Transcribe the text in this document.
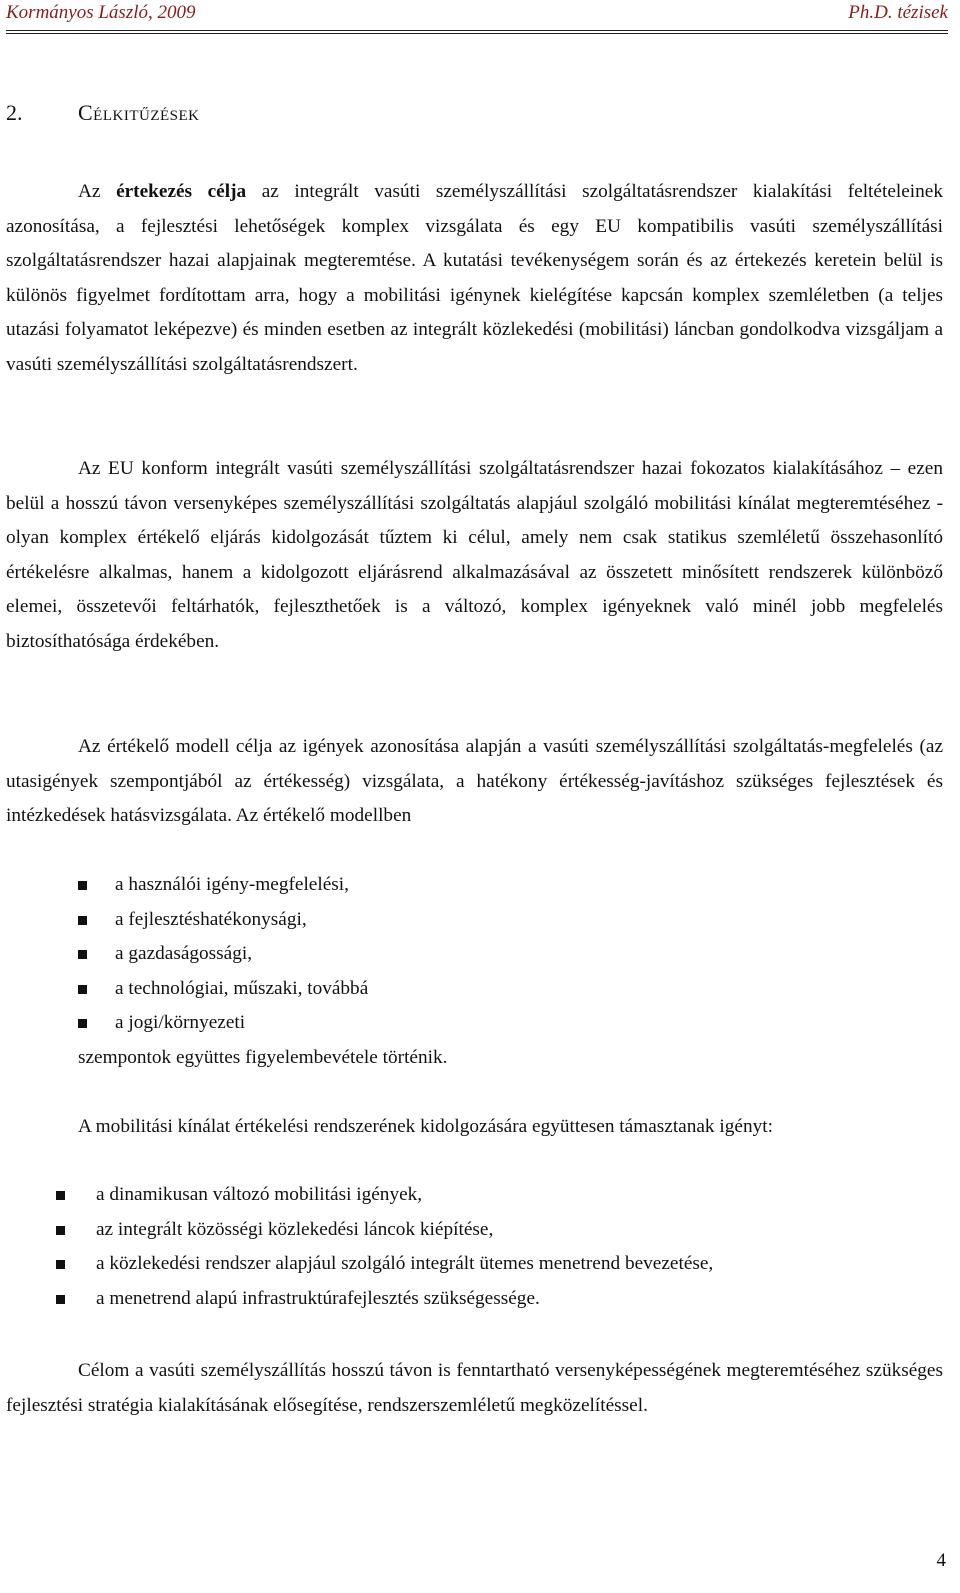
Kormányos László, 2009	Ph.D. tézisek
2.	Célkitűzések

Az értekezés célja az integrált vasúti személyszállítási szolgáltatásrendszer kialakítási feltételeinek azonosítása, a fejlesztési lehetőségek komplex vizsgálata és egy EU kompatibilis vasúti személyszállítási szolgáltatásrendszer hazai alapjainak megteremtése. A kutatási tevékenységem során és az értekezés keretein belül is különös figyelmet fordítottam arra, hogy a mobilitási igénynek kielégítése kapcsán komplex szemléletben (a teljes utazási folyamatot leképezve) és minden esetben az integrált közlekedési (mobilitási) láncban gondolkodva vizsgáljam a vasúti személyszállítási szolgáltatásrendszert.

Az EU konform integrált vasúti személyszállítási szolgáltatásrendszer hazai fokozatos kialakításához – ezen belül a hosszú távon versenyképes személyszállítási szolgáltatás alapjául szolgáló mobilitási kínálat megteremtéséhez - olyan komplex értékelő eljárás kidolgozását tűztem ki célul, amely nem csak statikus szemléletű összehasonlító értékelésre alkalmas, hanem a kidolgozott eljárásrend alkalmazásával az összetett minősített rendszerek különböző elemei, összetevői feltárhatók, fejleszthetőek is a változó, komplex igényeknek való minél jobb megfelelés biztosíthatósága érdekében.

Az értékelő modell célja az igények azonosítása alapján a vasúti személyszállítási szolgáltatás-megfelelés (az utasigények szempontjából az értékesség) vizsgálata, a hatékony értékesség-javításhoz szükséges fejlesztések és intézkedések hatásvizsgálata. Az értékelő modellben

a használói igény-megfelelési,
a fejlesztéshatékonysági,
a gazdaságossági,
a technológiai, műszaki, továbbá
a jogi/környezeti

szempontok együttes figyelembevétele történik.

A mobilitási kínálat értékelési rendszerének kidolgozására együttesen támasztanak igényt:

a dinamikusan változó mobilitási igények,
az integrált közösségi közlekedési láncok kiépítése,
a közlekedési rendszer alapjául szolgáló integrált ütemes menetrend bevezetése,
a menetrend alapú infrastruktúrafejlesztés szükségessége.

Célom a vasúti személyszállítás hosszú távon is fenntartható versenyképességének megteremtéséhez szükséges fejlesztési stratégia kialakításának elősegítése, rendszerszemléletű megközelítéssel.

4
